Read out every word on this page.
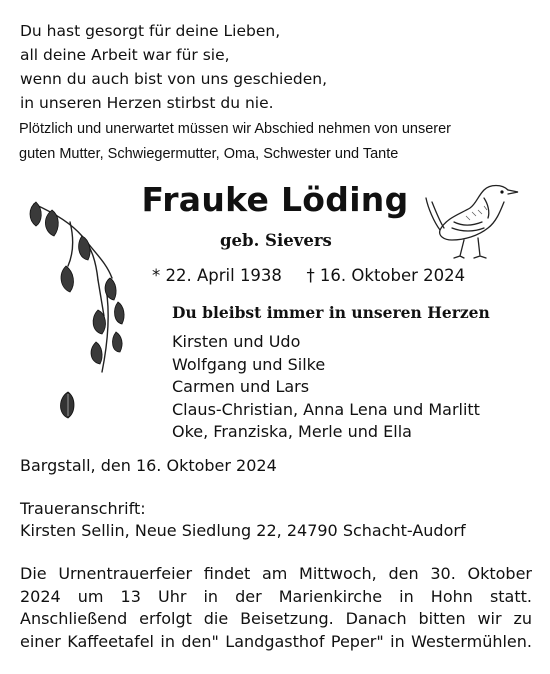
Du hast gesorgt für deine Lieben,
all deine Arbeit war für sie,
wenn du auch bist von uns geschieden,
in unseren Herzen stirbst du nie.
Plötzlich und unerwartet müssen wir Abschied nehmen von unserer
guten Mutter, Schwiegermutter, Oma, Schwester und Tante
Frauke Löding
geb. Sievers
* 22. April 1938 † 16. Oktober 2024
Du bleibst immer in unseren Herzen
Kirsten und Udo
Wolfgang und Silke
Carmen und Lars
Claus-Christian, Anna Lena und Marlitt
Oke, Franziska, Merle und Ella
Bargstall, den 16. Oktober 2024
Traueranschrift:
Kirsten Sellin, Neue Siedlung 22, 24790 Schacht-Audorf
Die Urnentrauerfeier findet am Mittwoch, den 30. Oktober
2024 um 13 Uhr in der Marienkirche in Hohn statt.
Anschließend erfolgt die Beisetzung. Danach bitten wir zu
einer Kaffeetafel in den" Landgasthof Peper" in Westermühlen.
